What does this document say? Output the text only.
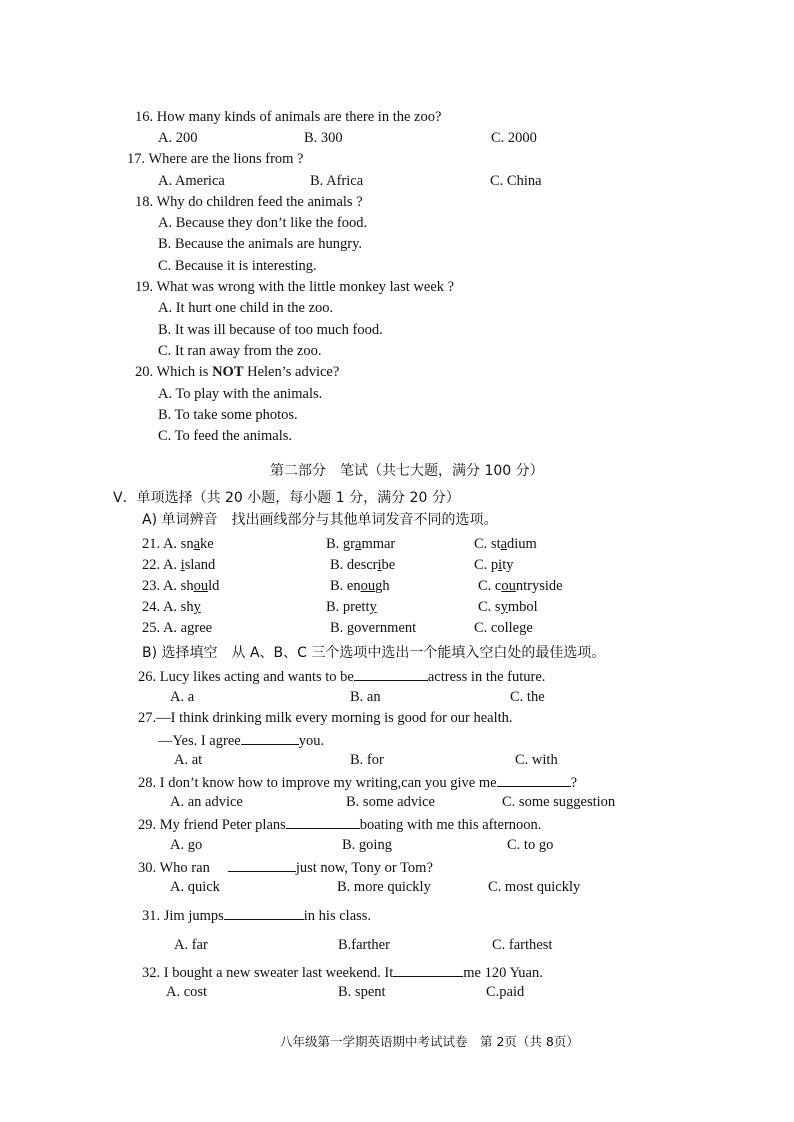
16. How many kinds of animals are there in the zoo?
A. 200	B. 300	C. 2000
17. Where are the lions from ?
A. America	B. Africa	C. China
18. Why do children feed the animals ?
A. Because they don’t like the food.
B. Because the animals are hungry.
C. Because it is interesting.
19. What was wrong with the little monkey last week ?
A. It hurt one child in the zoo.
B. It was ill because of too much food.
C. It ran away from the zoo.
20. Which is NOT Helen’s advice?
A. To play with the animals.
B. To take some photos.
C. To feed the animals.
第二部分　笔试（共七大题，满分 100 分）
V．单项选择（共 20 小题，每小题 1 分，满分 20 分）
A) 单词辨音　找出画线部分与其他单词发音不同的选项。
21. A. snake	B. grammar	C. stadium
22. A. island	B. describe	C. pity
23. A. should	B. enough	C. countryside
24. A. shy	B. pretty	C. symbol
25. A. agree	B. government	C. college
B) 选择填空　从 A、B、C 三个选项中选出一个能填入空白处的最佳选项。
26. Lucy likes acting and wants to be	actress in the future.
A. a	B. an	C. the
27.—I think drinking milk every morning is good for our health.
—Yes. I agree	you.
A. at	B. for	C. with
28. I don’t know how to improve my writing,can you give me	?
A. an advice	B. some advice	C. some suggestion
29. My friend Peter plans	boating with me this afternoon.
A. go	B. going	C. to go
30. Who ran	just now, Tony or Tom?
A. quick	B. more quickly	C. most quickly
31. Jim jumps	in his class.
A. far	B.farther	C. farthest
32. I bought a new sweater last weekend. It	me 120 Yuan.
A. cost	B. spent	C.paid
八年级第一学期英语期中考试试卷　第 2页（共 8页）
